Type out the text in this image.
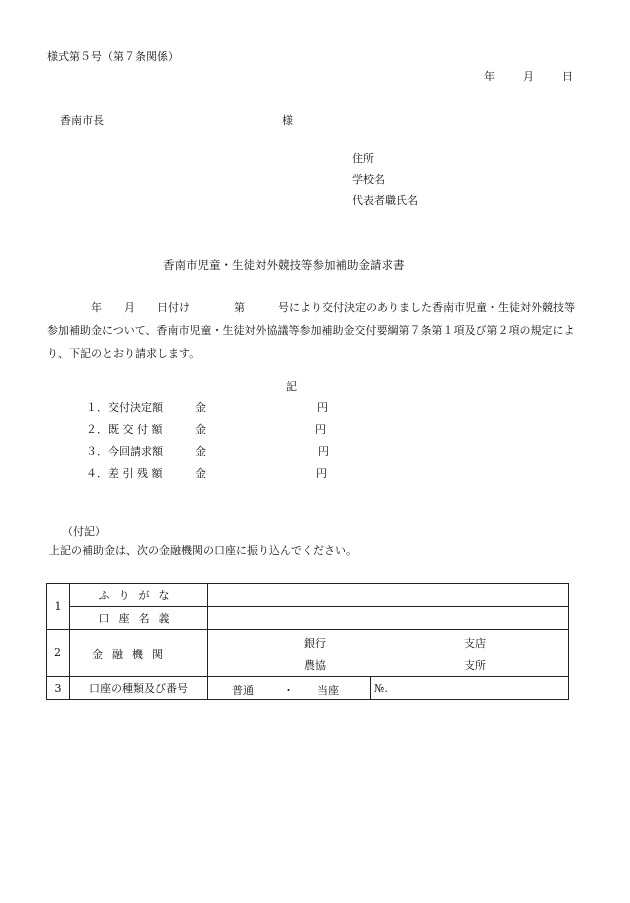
様式第５号（第７条関係）
年	月	日
香南市長	様
住所
学校名
代表者職氏名
香南市児童・生徒対外競技等参加補助金請求書
　　　　年　　月　　日付け　　　　第　　　号により交付決定のありました香南市児童・生徒対外競技等参加補助金について、香南市児童・生徒対外協議等参加補助金交付要綱第７条第１項及び第２項の規定により、下記のとおり請求します。
記
１．交付決定額	金	円
２．既 交 付 額	金	円
３．今回請求額	金	円
４．差 引 残 額	金	円
（付記）
上記の補助金は、次の金融機関の口座に振り込んでください。
1	ふりがな	
	口座名義	

2	金融機関	銀行 支店
農協 支所

3	口座の種類及び番号	普通 ・ 当座 №.
